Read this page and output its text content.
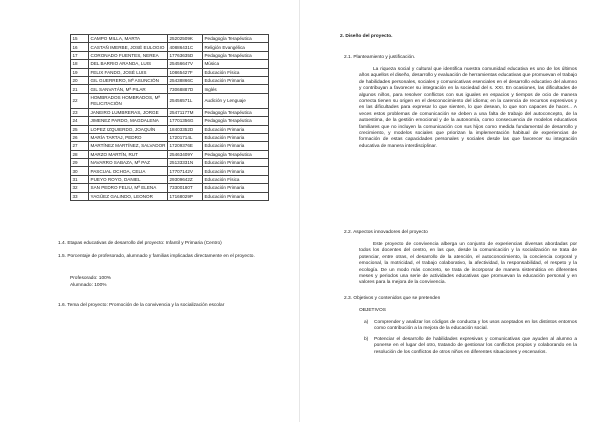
15	CAMPO MILLA, MARTA	25202509K	Pedagogía Terapéutica
16	CASTAÑ IMERBE, JOSÉ EULOGIO	40886431C	Religión Evangélica
17	CORONADO FUENTES, NEREA	17763635D	Pedagogía Terapéutica
18	DEL BARRIO ARANDA, LUIS	25456647V	Música
19	FELIX FANDO, JOSÉ LUIS	10865427F	Educación Física
20	GIL GUERRERO, Mª ASUNCIÓN	25438866C	Educación Primaria
21	GIL SANVATÁN, Mª PILAR	73068887D	Inglés
22	HOMBRADOS HOMBRADOS, Mª FELICITACIÓN	25456571L	Audición y Lenguaje
23	JANEIRO LUMBRERAS, JORGE	25471177M	Pedagogía Terapéutica
24	JIMENEZ PARDO, MAGDALENA	17701356G	Pedagogía Terapéutica
25	LOPEZ IZQUIERDO, JOAQUÍN	18403352D	Educación Primaria
26	MARÍA TARTAJ, PEDRO	17201714L	Educación Primaria
27	MARTÍNEZ MARTÍNEZ, SALVADOR	17209376E	Educación Primaria
28	MARZO MARTÍN, RUT	25463409Y	Pedagogía Terapéutica
29	NAVARRO SABAZA, Mª PAZ	25133331N	Educación Primaria
30	PASCUAL OCHOA, CELIA	17707142V	Educación Primaria
31	PUEYO ROYO, DANIEL	29309642Z	Educación Física
32	SAN PEDRO FELIU, Mª ELENA	73300180T	Educación Primaria
33	YAGÜEZ GALINDO, LEONOR	17168029P	Educación Primaria
1.4. Etapas educativas de desarrollo del proyecto: Infantil y Primaria (Centro)
1.5. Porcentaje de profesorado, alumnado y familias implicadas directamente en el proyecto.
Profesorado: 100%
Alumnado: 100%
1.6. Tema del proyecto: Promoción de la convivencia y la socialización escolar
2. Diseño del proyecto.
2.1. Planteamiento y justificación.
La riqueza social y cultural que identifica nuestra comunidad educativa es uno de los últimos años aquellos el diseño, desarrollo y evaluación de herramientas educativas que promuevan el trabajo de habilidades personales, sociales y comunicativas esenciales en el desarrollo educativo del alumno y contribuyan a favorecer su integración en la sociedad del s. XXI. En ocasiones, las dificultades de algunos niños, para resolver conflictos con sus iguales en espacios y tiempos de ocio de manera correcta tienen su origen en el desconocimiento del idioma; en la carencia de recursos expresivos y en las dificultades para expresar lo que sienten, lo que desean, lo que son capaces de hacer... A veces estos problemas de comunicación se deben a una falta de trabajo del autoconcepto, de la autoestima, de la gestión emocional y de la autonomía, como consecuencia de modelos educativos familiares que no incluyen la comunicación con sus hijos como medida fundamental de desarrollo y crecimiento, y modelos sociales que priorizan la implementación habitual de experiencias de formación de estas capacidades personales y sociales desde las que favorecer su integración educativa de manera interdisciplinar.
2.2. Aspectos innovadores del proyecto
Este proyecto de convivencia alberga un conjunto de experiencias diversas abordadas por todos los docentes del centro, en las que, desde la comunicación y la socialización se trata de potenciar, entre otras, el desarrollo de la atención, el autoconocimiento, la conciencia corporal y emocional, la motricidad, el trabajo colaborativo, la afectividad, la responsabilidad, el respeto y la ecología. De un modo más concreto, se trata de incorporar de manera sistemática en diferentes meses y periodos una serie de actividades educativas que promuevan la educación personal y en valores para la mejora de la convivencia.
2.3. Objetivos y contenidos que se pretenden
OBJETIVOS
a) Comprender y analizar los códigos de conducta y los usos aceptados en los distintos entornos como contribución a la mejora de la educación social.
b) Potenciar el desarrollo de habilidades expresivas y comunicativas que ayuden al alumno a ponerse en el lugar del otro, tratando de gestionar los conflictos propios y colaborando en la resolución de los conflictos de otros niños en diferentes situaciones y escenarios.
